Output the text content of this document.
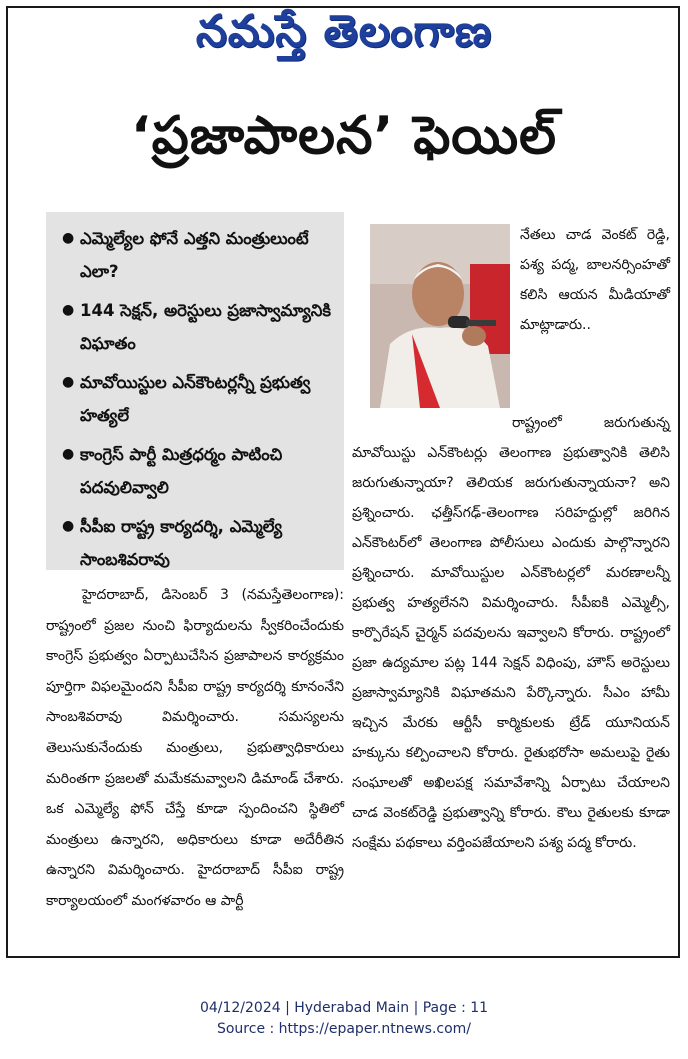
నమస్తే తెలంగాణ
‘ప్రజాపాలన’ ఫెయిల్
● ఎమ్మెల్యేల ఫోనే ఎత్తని మంత్రులుంటే ఎలా?
● 144 సెక్షన్, అరెస్టులు ప్రజాస్వామ్యానికి విఘాతం
● మావోయిస్టుల ఎన్‌కౌంటర్లన్నీ ప్రభుత్వ హత్యలే
● కాంగ్రెస్ పార్టీ మిత్రధర్మం పాటించి పదవులివ్వాలి
● సీపీఐ రాష్ట్ర కార్యదర్శి, ఎమ్మెల్యే సాంబశివరావు
నేతలు చాడ వెంకట్ రెడ్డి, పశ్య పద్మ, బాలనర్సింహతో కలిసి ఆయన మీడియాతో మాట్లాడారు..

రాష్ట్రంలో జరుగుతున్న మావోయిస్టు ఎన్‌కౌంటర్లు తెలంగాణ ప్రభుత్వానికి తెలిసి జరుగుతున్నాయా? తెలియక జరుగుతున్నాయనా? అని ప్రశ్నించారు. ఛత్తీస్‌గఢ్-తెలంగాణ సరిహద్దుల్లో జరిగిన ఎన్‌కౌంటర్‌లో తెలంగాణ పోలీసులు ఎందుకు పాల్గొన్నారని ప్రశ్నించారు. మావోయిస్టుల ఎన్‌కౌంటర్లలో మరణాలన్నీ ప్రభుత్వ హత్యలేనని విమర్శించారు. సీపీఐకి ఎమ్మెల్సీ, కార్పొరేషన్ చైర్మన్ పదవులను ఇవ్వాలని కోరారు. రాష్ట్రంలో ప్రజా ఉద్యమాల పట్ల 144 సెక్షన్ విధింపు, హౌస్ అరెస్టులు ప్రజాస్వామ్యానికి విఘాతమని పేర్కొన్నారు. సీఎం హామీ ఇచ్చిన మేరకు ఆర్టీసీ కార్మికులకు ట్రేడ్ యూనియన్ హక్కును కల్పించాలని కోరారు. రైతుభరోసా అమలుపై రైతు సంఘాలతో అఖిలపక్ష సమావేశాన్ని ఏర్పాటు చేయాలని చాడ వెంకట్‌రెడ్డి ప్రభుత్వాన్ని కోరారు. కౌలు రైతులకు కూడా సంక్షేమ పథకాలు వర్తింపజేయాలని పశ్య పద్మ కోరారు.

హైదరాబాద్, డిసెంబర్ 3 (నమస్తేతెలంగాణ): రాష్ట్రంలో ప్రజల నుంచి ఫిర్యాదులను స్వీకరించేందుకు కాంగ్రెస్ ప్రభుత్వం ఏర్పాటుచేసిన ప్రజాపాలన కార్యక్రమం పూర్తిగా విఫలమైందని సీపీఐ రాష్ట్ర కార్యదర్శి కూనంనేని సాంబశివరావు విమర్శించారు. సమస్యలను తెలుసుకునేందుకు మంత్రులు, ప్రభుత్వాధికారులు మరింతగా ప్రజలతో మమేకమవ్వాలని డిమాండ్ చేశారు. ఒక ఎమ్మెల్యే ఫోన్ చేస్తే కూడా స్పందించని స్థితిలో మంత్రులు ఉన్నారని, అధికారులు కూడా అదేరీతిన ఉన్నారని విమర్శించారు. హైదరాబాద్ సీపీఐ రాష్ట్ర కార్యాలయంలో మంగళవారం ఆ పార్టీ

04/12/2024 | Hyderabad Main | Page : 11
Source : https://epaper.ntnews.com/
